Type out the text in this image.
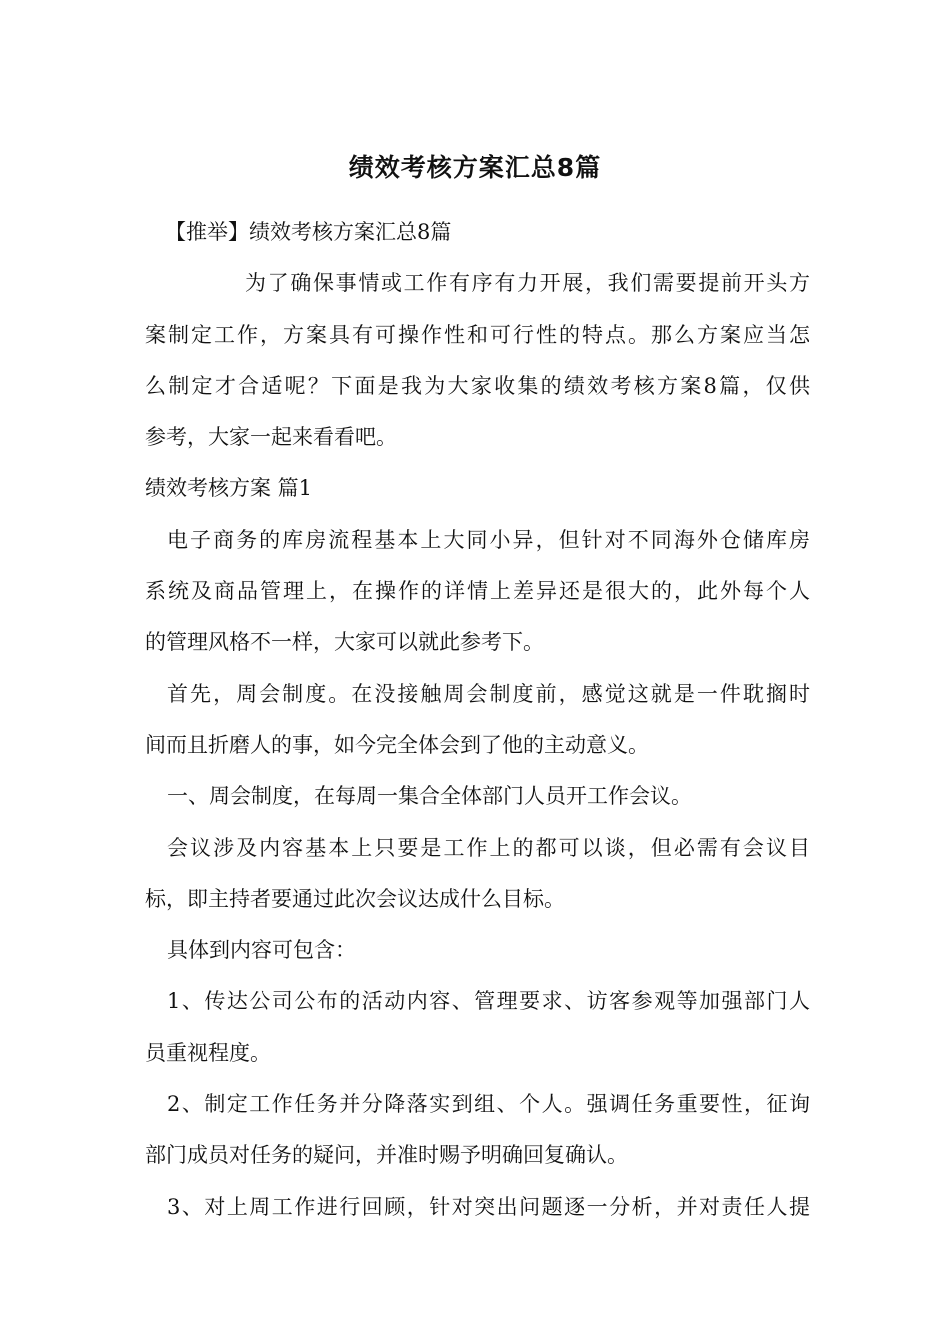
绩效考核方案汇总8篇
【推举】绩效考核方案汇总8篇
为了确保事情或工作有序有力开展，我们需要提前开头方
案制定工作，方案具有可操作性和可行性的特点。那么方案应当怎
么制定才合适呢？下面是我为大家收集的绩效考核方案8篇，仅供
参考，大家一起来看看吧。
绩效考核方案 篇1
电子商务的库房流程基本上大同小异，但针对不同海外仓储库房
系统及商品管理上，在操作的详情上差异还是很大的，此外每个人
的管理风格不一样，大家可以就此参考下。
首先，周会制度。在没接触周会制度前，感觉这就是一件耽搁时
间而且折磨人的事，如今完全体会到了他的主动意义。
一、周会制度，在每周一集合全体部门人员开工作会议。
会议涉及内容基本上只要是工作上的都可以谈，但必需有会议目
标，即主持者要通过此次会议达成什么目标。
具体到内容可包含：
1、传达公司公布的活动内容、管理要求、访客参观等加强部门人
员重视程度。
2、制定工作任务并分降落实到组、个人。强调任务重要性，征询
部门成员对任务的疑问，并准时赐予明确回复确认。
3、对上周工作进行回顾，针对突出问题逐一分析，并对责任人提
